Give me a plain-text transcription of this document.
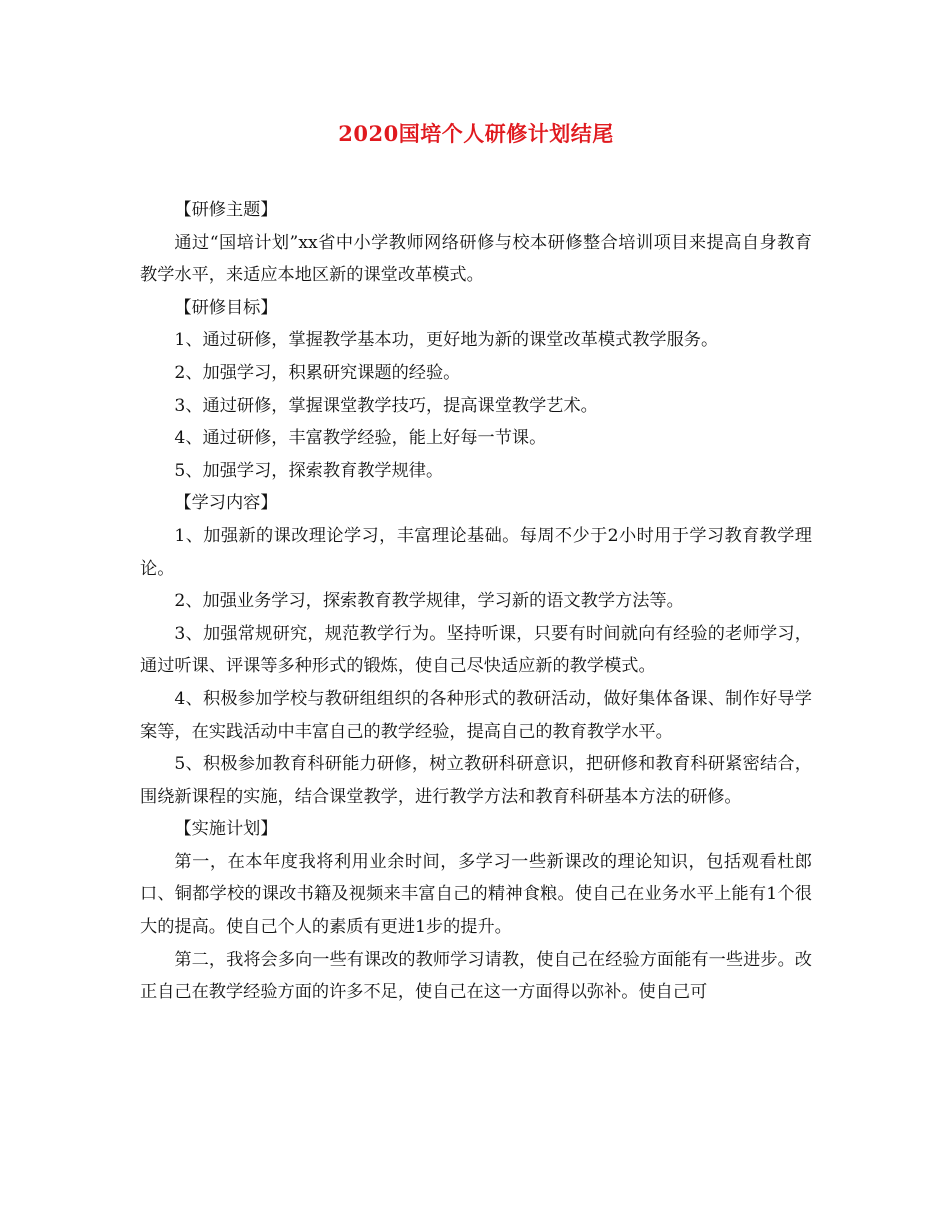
2020国培个人研修计划结尾

【研修主题】

通过“国培计划”xx省中小学教师网络研修与校本研修整合培训项目来提高自身教育教学水平，来适应本地区新的课堂改革模式。

【研修目标】

1、通过研修，掌握教学基本功，更好地为新的课堂改革模式教学服务。

2、加强学习，积累研究课题的经验。

3、通过研修，掌握课堂教学技巧，提高课堂教学艺术。

4、通过研修，丰富教学经验，能上好每一节课。

5、加强学习，探索教育教学规律。

【学习内容】

1、加强新的课改理论学习，丰富理论基础。每周不少于2小时用于学习教育教学理论。

2、加强业务学习，探索教育教学规律，学习新的语文教学方法等。

3、加强常规研究，规范教学行为。坚持听课，只要有时间就向有经验的老师学习，通过听课、评课等多种形式的锻炼，使自己尽快适应新的教学模式。

4、积极参加学校与教研组组织的各种形式的教研活动，做好集体备课、制作好导学案等，在实践活动中丰富自己的教学经验，提高自己的教育教学水平。

5、积极参加教育科研能力研修，树立教研科研意识，把研修和教育科研紧密结合，围绕新课程的实施，结合课堂教学，进行教学方法和教育科研基本方法的研修。

【实施计划】

第一，在本年度我将利用业余时间，多学习一些新课改的理论知识，包括观看杜郎口、铜都学校的课改书籍及视频来丰富自己的精神食粮。使自己在业务水平上能有1个很大的提高。使自己个人的素质有更进1步的提升。

第二，我将会多向一些有课改的教师学习请教，使自己在经验方面能有一些进步。改正自己在教学经验方面的许多不足，使自己在这一方面得以弥补。使自己可
